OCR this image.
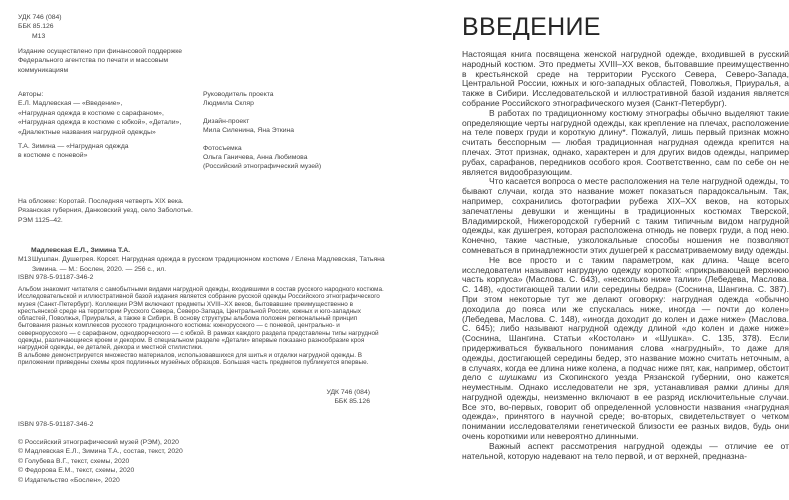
УДК 746 (084)
ББК 85.126
М13
Издание осуществлено при финансовой поддержке
Федерального агентства по печати и массовым
коммуникациям
Авторы:
Е.Л. Мадлевская — «Введение»,
«Нагрудная одежда в костюме с сарафаном»,
«Нагрудная одежда в костюме с юбкой», «Детали»,
«Диалектные названия нагрудной одежды»
Т.А. Зимина — «Нагрудная одежда
в костюме с поневой»
Руководитель проекта
Людмила Скляр
Дизайн-проект
Мила Силенина, Яна Эткина
Фотосъемка
Ольга Ганичева, Анна Любимова
(Российский этнографический музей)
На обложке: Коротай. Последняя четверть XIX века.
Рязанская губерния, Данковский уезд, село Заболотье.
РЭМ 1125–42.
Мадлевская Е.Л., Зимина Т.А.
М13 Шушпан. Душегрея. Корсет. Нагрудная одежда в русском традиционном костюме / Елена Мадлевская, Татьяна Зимина. — М.: Бослен, 2020. — 256 с., ил.
ISBN 978-5-91187-346-2

Альбом знакомит читателя с самобытными видами нагрудной одежды, входившими в состав русского народного костюма. Исследовательской и иллюстративной базой издания является собрание русской одежды Российского этнографического музея (Санкт-Петербург). Коллекции РЭМ включают предметы XVIII–XX веков, бытовавшие преимущественно в крестьянской среде на территории Русского Севера, Северо-Запада, Центральной России, южных и юго-западных областей, Поволжья, Приуралья, а также в Сибири. В основу структуры альбома положен региональный принцип бытования разных комплексов русского традиционного костюма: южнорусского — с поневой, центрально- и севернорусского — с сарафаном, однодворческого — с юбкой. В рамках каждого раздела представлены типы нагрудной одежды, различающиеся кроем и декором. В специальном разделе «Детали» впервые показано разнообразие кроя нагрудной одежды, ее деталей, декора и местной стилистики.

В альбоме демонстрируется множество материалов, использовавшихся для шитья и отделки нагрудной одежды. В приложении приведены схемы кроя подлинных музейных образцов. Большая часть предметов публикуется впервые.

УДК 746 (084)
ББК 85.126
ISBN 978-5-91187-346-2
© Российский этнографический музей (РЭМ), 2020
© Мадлевская Е.Л., Зимина Т.А., состав, текст, 2020
© Голубева В.Г., текст, схемы, 2020
© Федорова Е.М., текст, схемы, 2020
© Издательство «Бослен», 2020
ВВЕДЕНИЕ

Настоящая книга посвящена женской нагрудной одежде, входившей в русский народный костюм. Это предметы XVIII–XX веков, бытовавшие преимущественно в крестьянской среде на территории Русского Севера, Северо-Запада, Центральной России, южных и юго-западных областей, Поволжья, Приуралья, а также в Сибири. Исследовательской и иллюстративной базой издания является собрание Российского этнографического музея (Санкт-Петербург).

В работах по традиционному костюму этнографы обычно выделяют такие определяющие черты нагрудной одежды, как крепление на плечах, расположение на теле поверх груди и короткую длину*. Пожалуй, лишь первый признак можно считать бесспорным — любая традиционная нагрудная одежда крепится на плечах. Этот признак, однако, характерен и для других видов одежды, например рубах, сарафанов, передников особого кроя. Соответственно, сам по себе он не является видообразующим.

Что касается вопроса о месте расположения на теле нагрудной одежды, то бывают случаи, когда это название может показаться парадоксальным. Так, например, сохранились фотографии рубежа XIX–XX веков, на которых запечатлены девушки и женщины в традиционных костюмах Тверской, Владимирской, Нижегородской губерний с таким типичным видом нагрудной одежды, как душегрея, которая расположена отнюдь не поверх груди, а под нею. Конечно, такие частные, узколокальные способы ношения не позволяют сомневаться в принадлежности этих душегрей к рассматриваемому виду одежды.

Не все просто и с таким параметром, как длина. Чаще всего исследователи называют нагрудную одежду короткой: «прикрывающей верхнюю часть корпуса» (Маслова. С. 643), «несколько ниже талии» (Лебедева, Маслова. С. 148), «достигающей талии или середины бедра» (Соснина, Шангина. С. 387). При этом некоторые тут же делают оговорку: нагрудная одежда «обычно доходила до пояса или же спускалась ниже, иногда — почти до колен» (Лебедева, Маслова. С. 148), «иногда доходит до колен и даже ниже» (Маслова. С. 645); либо называют нагрудной одежду длиной «до колен и даже ниже» (Соснина, Шангина. Статьи «Костолан» и «Шушка». С. 135, 378). Если придерживаться буквального понимания слова «нагрудный», то даже для одежды, достигающей середины бедер, это название можно считать неточным, а в случаях, когда ее длина ниже колена, а подчас ниже пят, как, например, обстоит дело с шушками из Скопинского уезда Рязанской губернии, оно кажется неуместным. Однако исследователи не зря, устанавливая рамки длины для нагрудной одежды, неизменно включают в ее разряд исключительные случаи. Все это, во-первых, говорит об определенной условности названия «нагрудная одежда», принятого в научной среде; во-вторых, свидетельствует о четком понимании исследователями генетической близости ее разных видов, будь они очень короткими или невероятно длинными.

Важный аспект рассмотрения нагрудной одежды — отличие ее от нательной, которую надевают на тело первой, и от верхней, предназна-
